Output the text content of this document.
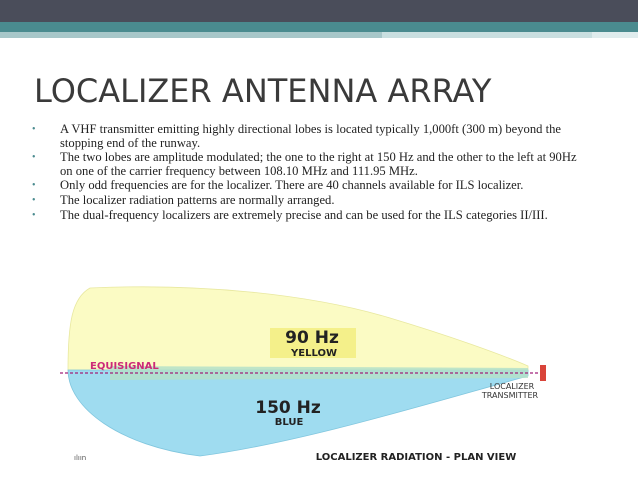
LOCALIZER ANTENNA ARRAY
• A VHF transmitter emitting highly directional lobes is located typically 1,000ft (300 m) beyond the stopping end of the runway.
• The two lobes are amplitude modulated; the one to the right at 150 Hz and the other to the left at 90Hz on one of the carrier frequency between 108.10 MHz and 111.95 MHz.
• Only odd frequencies are for the localizer. There are 40 channels available for ILS localizer.
• The localizer radiation patterns are normally arranged.
• The dual-frequency localizers are extremely precise and can be used for the ILS categories II/III.
90 Hz
YELLOW
EQUISIGNAL
150 Hz
BLUE
LOCALIZER
TRANSMITTER
LOCALIZER RADIATION - PLAN VIEW
ılıın
